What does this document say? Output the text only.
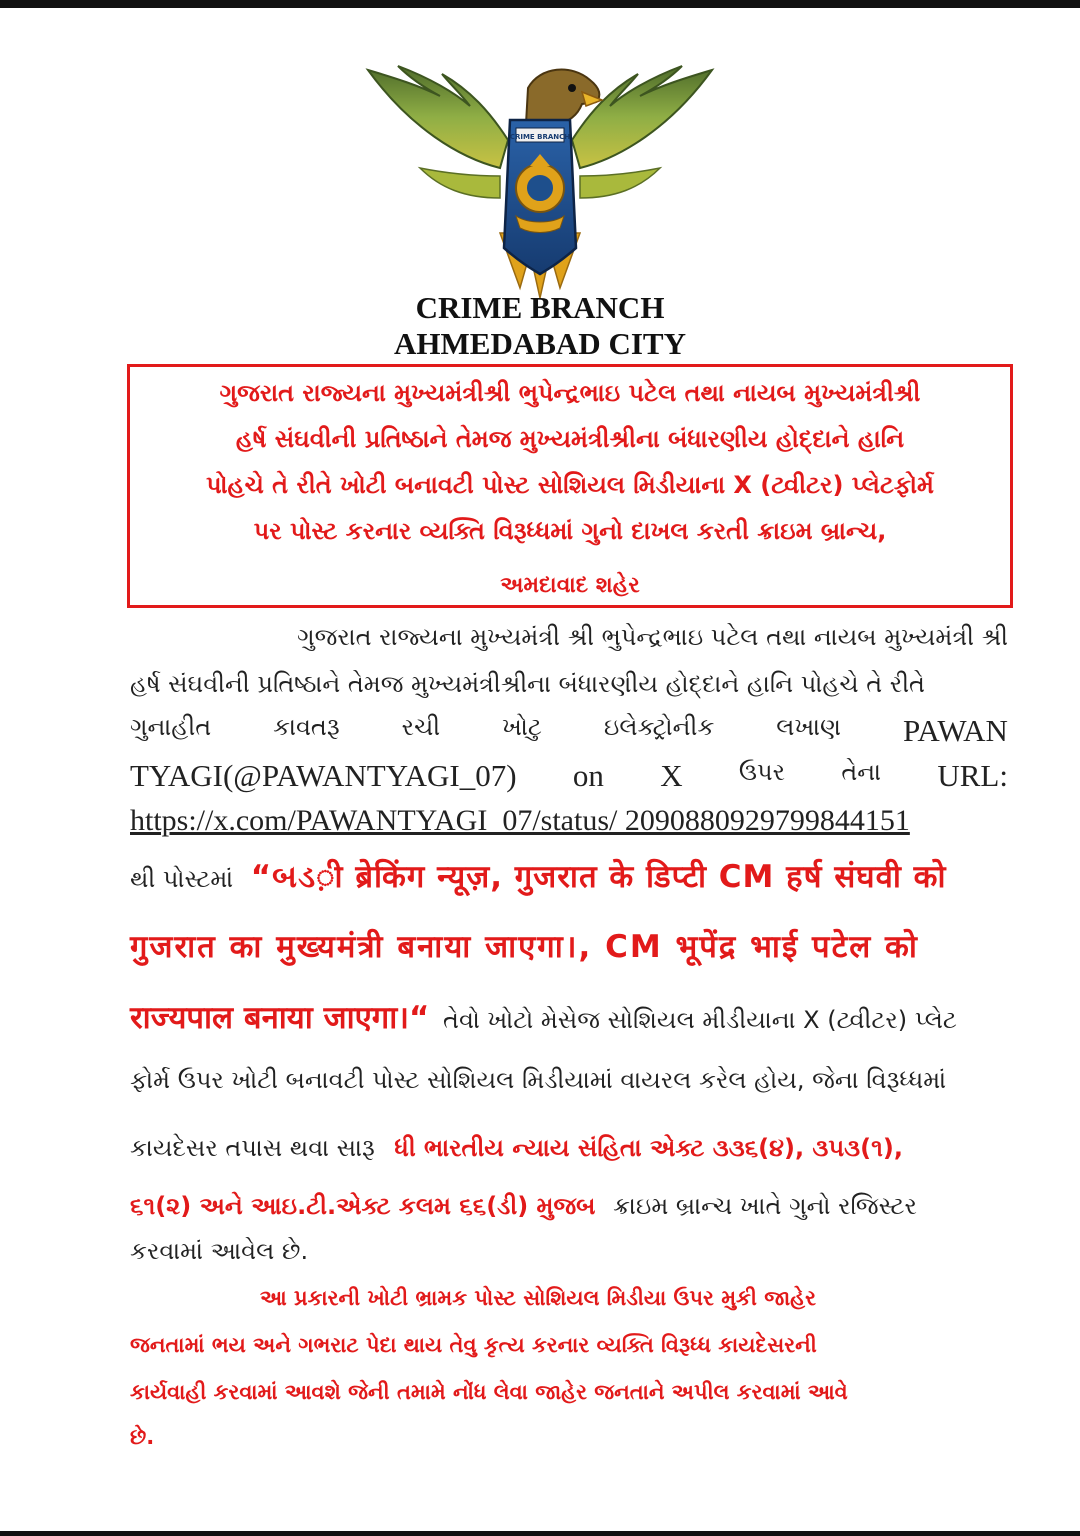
CRIME BRANCH
CRIME BRANCH
AHMEDABAD CITY
ગુજરાત રાજ્યના મુખ્યમંત્રીશ્રી ભુપેન્દ્રભાઇ પટેલ તથા નાયબ મુખ્યમંત્રીશ્રી
હર્ષ સંઘવીની પ્રતિષ્ઠાને તેમજ મુખ્યમંત્રીશ્રીના બંધારણીય હોદ્દાને હાનિ
પોહચે તે રીતે ખોટી બનાવટી પોસ્ટ સોશિયલ મિડીયાના X (ટ્વીટર) પ્લેટફોર્મ
પર પોસ્ટ કરનાર વ્યક્તિ વિરૂધ્ધમાં ગુનો દાખલ કરતી ક્રાઇમ બ્રાન્ચ,
અમદાવાદ શહેર
ગુજરાત રાજ્યના મુખ્યમંત્રી શ્રી ભુપેન્દ્રભાઇ પટેલ તથા નાયબ મુખ્યમંત્રી શ્રી
હર્ષ સંઘવીની પ્રતિષ્ઠાને તેમજ મુખ્યમંત્રીશ્રીના બંધારણીય હોદ્દાને હાનિ પોહચે તે રીતે
ગુનાહીત	કાવતરૂ	રચી	ખોટુ	ઇલેક્ટ્રોનીક	લખાણ PAWAN
TYAGI(@PAWANTYAGI_07) on X ઉપર તેના URL:
https://x.com/PAWANTYAGI_07/status/ 2090880929799844151
થી પોસ્ટમાં “બડ़ी ब्रेकिंग न्यूज़, गुजरात के डिप्टी CM हर्ष संघवी को
गुजरात का मुख्यमंत्री बनाया जाएगा।, CM भूपेंद्र भाई पटेल को
राज्यपाल बनाया जाएगा।“ તેવો ખોટો મેસેજ સોશિયલ મીડીયાના X (ટ્વીટર) પ્લેટ
ફોર્મ ઉપર ખોટી બનાવટી પોસ્ટ સોશિયલ મિડીયામાં વાયરલ કરેલ હોય, જેના વિરૂધ્ધમાં
કાયદેસર તપાસ થવા સારૂ ધી ભારતીય ન્યાય સંહિતા એક્ટ ૩૩૬(૪), ૩૫૩(૧),
૬૧(૨) અને આઇ.ટી.એક્ટ કલમ ૬૬(ડી) મુજબ ક્રાઇમ બ્રાન્ચ ખાતે ગુનો રજિસ્ટર
કરવામાં આવેલ છે.
આ પ્રકારની ખોટી ભ્રામક પોસ્ટ સોશિયલ મિડીયા ઉપર મુકી જાહેર
જનતામાં ભય અને ગભરાટ પેદા થાય તેવુ કૃત્ય કરનાર વ્યક્તિ વિરૂધ્ધ કાયદેસરની
કાર્યવાહી કરવામાં આવશે જેની તમામે નોંધ લેવા જાહેર જનતાને અપીલ કરવામાં આવે
છે.
